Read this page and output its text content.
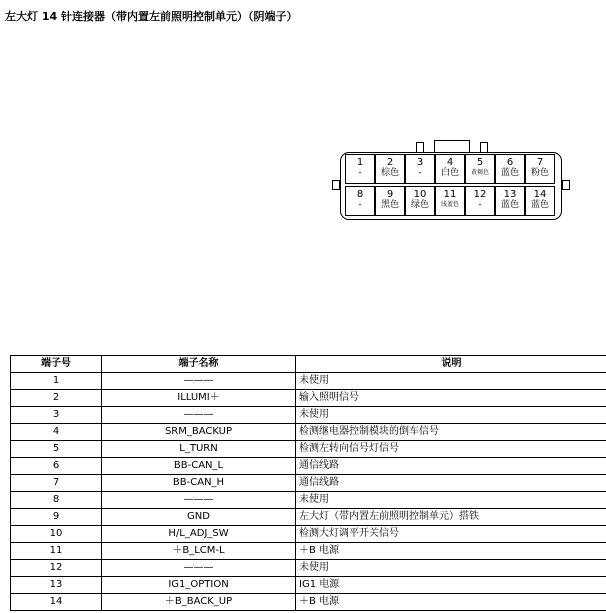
左大灯 14 针连接器（带内置左前照明控制单元）（阴端子）
1
-
2
棕色
3
-
4
白色
5
黄褐色
6
蓝色
7
粉色
8
-
9
黑色
10
绿色
11
浅蓝色
12
-
13
蓝色
14
蓝色
端子号	端子名称	说明
1	———	未使用
2	ILLUMI＋	输入照明信号
3	———	未使用
4	SRM_BACKUP	检测继电器控制模块的倒车信号
5	L_TURN	检测左转向信号灯信号
6	BB-CAN_L	通信线路
7	BB-CAN_H	通信线路
8	———	未使用
9	GND	左大灯（带内置左前照明控制单元）搭铁
10	H/L_ADJ_SW	检测大灯调平开关信号
11	＋B_LCM-L	＋B 电源
12	———	未使用
13	IG1_OPTION	IG1 电源
14	＋B_BACK_UP	＋B 电源
